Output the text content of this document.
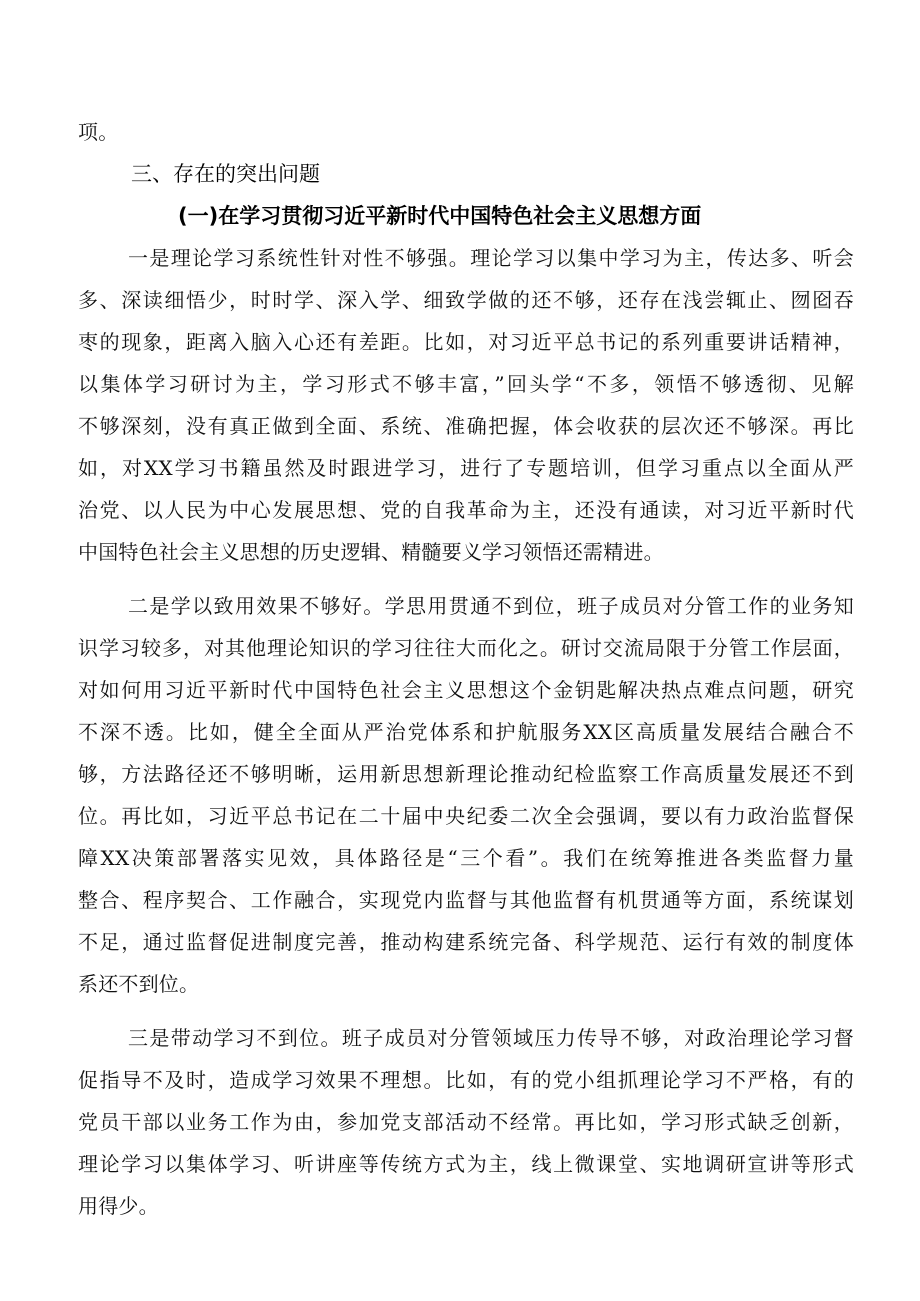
项。
三、存在的突出问题
(一)在学习贯彻习近平新时代中国特色社会主义思想方面
一是理论学习系统性针对性不够强。理论学习以集中学习为主，传达多、听会
多、深读细悟少，时时学、深入学、细致学做的还不够，还存在浅尝辄止、囫囵吞
枣的现象，距离入脑入心还有差距。比如，对习近平总书记的系列重要讲话精神，
以集体学习研讨为主，学习形式不够丰富，”回头学“不多，领悟不够透彻、见解
不够深刻，没有真正做到全面、系统、准确把握，体会收获的层次还不够深。再比
如，对XX学习书籍虽然及时跟进学习，进行了专题培训，但学习重点以全面从严
治党、以人民为中心发展思想、党的自我革命为主，还没有通读，对习近平新时代
中国特色社会主义思想的历史逻辑、精髓要义学习领悟还需精进。
二是学以致用效果不够好。学思用贯通不到位，班子成员对分管工作的业务知
识学习较多，对其他理论知识的学习往往大而化之。研讨交流局限于分管工作层面，
对如何用习近平新时代中国特色社会主义思想这个金钥匙解决热点难点问题，研究
不深不透。比如，健全全面从严治党体系和护航服务XX区高质量发展结合融合不
够，方法路径还不够明晰，运用新思想新理论推动纪检监察工作高质量发展还不到
位。再比如，习近平总书记在二十届中央纪委二次全会强调，要以有力政治监督保
障XX决策部署落实见效，具体路径是“三个看”。我们在统筹推进各类监督力量
整合、程序契合、工作融合，实现党内监督与其他监督有机贯通等方面，系统谋划
不足，通过监督促进制度完善，推动构建系统完备、科学规范、运行有效的制度体
系还不到位。
三是带动学习不到位。班子成员对分管领域压力传导不够，对政治理论学习督
促指导不及时，造成学习效果不理想。比如，有的党小组抓理论学习不严格，有的
党员干部以业务工作为由，参加党支部活动不经常。再比如，学习形式缺乏创新，
理论学习以集体学习、听讲座等传统方式为主，线上微课堂、实地调研宣讲等形式
用得少。
